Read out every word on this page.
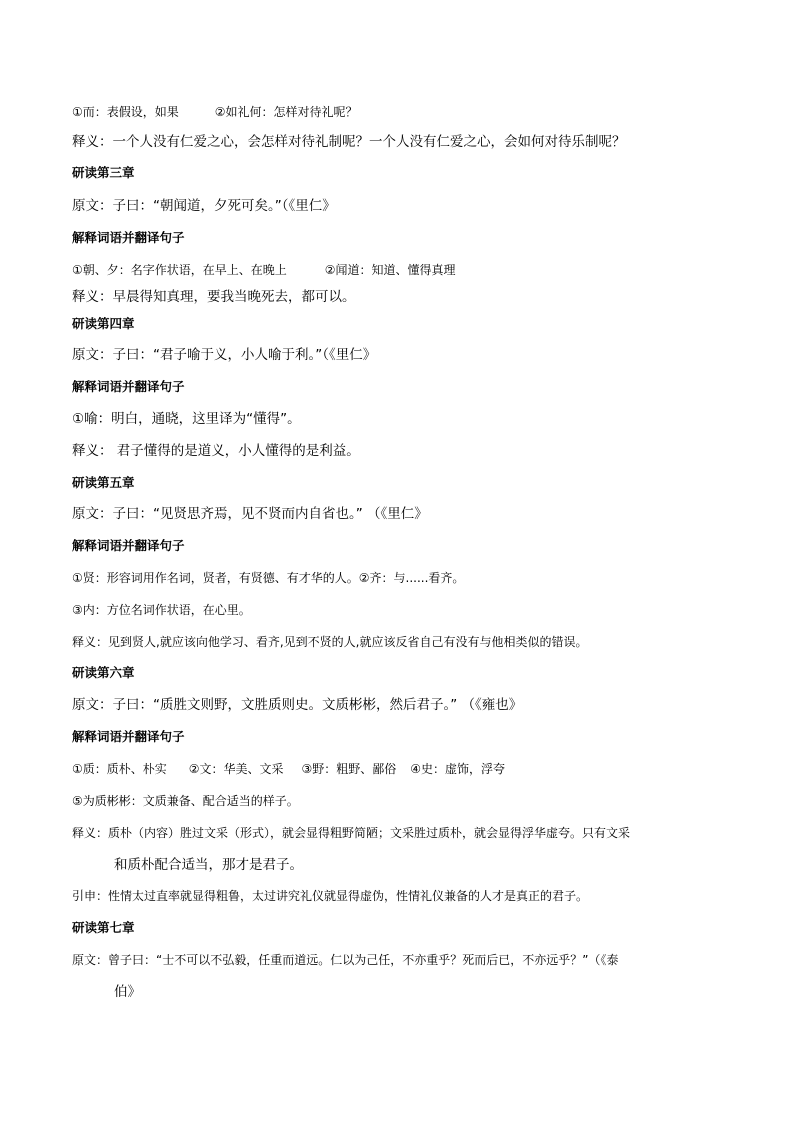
①而：表假设，如果	②如礼何：怎样对待礼呢？
释义：一个人没有仁爱之心，会怎样对待礼制呢？一个人没有仁爱之心，会如何对待乐制呢？
研读第三章
原文：子曰：“朝闻道，夕死可矣。”（《里仁》
解释词语并翻译句子
①朝、夕：名字作状语，在早上、在晚上	②闻道：知道、懂得真理
释义：早晨得知真理，要我当晚死去，都可以。
研读第四章
原文：子曰：“君子喻于义，小人喻于利。”（《里仁》
解释词语并翻译句子
①喻：明白，通晓，这里译为“懂得”。
释义： 君子懂得的是道义，小人懂得的是利益。
研读第五章
原文：子曰：“见贤思齐焉，见不贤而内自省也。” （《里仁》
解释词语并翻译句子
①贤：形容词用作名词，贤者，有贤德、有才华的人。②齐：与......看齐。
③内：方位名词作状语，在心里。
释义：见到贤人,就应该向他学习、看齐,见到不贤的人,就应该反省自己有没有与他相类似的错误。
研读第六章
原文：子曰：“质胜文则野，文胜质则史。文质彬彬，然后君子。” （《雍也》
解释词语并翻译句子
①质：质朴、朴实 ②文：华美、文采 ③野：粗野、鄙俗 ④史：虚饰，浮夸
⑤为质彬彬：文质兼备、配合适当的样子。
释义：质朴（内容）胜过文采（形式），就会显得粗野简陋；文采胜过质朴，就会显得浮华虚夸。只有文采
和质朴配合适当，那才是君子。
引申：性情太过直率就显得粗鲁，太过讲究礼仪就显得虚伪，性情礼仪兼备的人才是真正的君子。
研读第七章
原文：曾子曰：“士不可以不弘毅，任重而道远。仁以为己任，不亦重乎？死而后已，不亦远乎？”（《泰
伯》
